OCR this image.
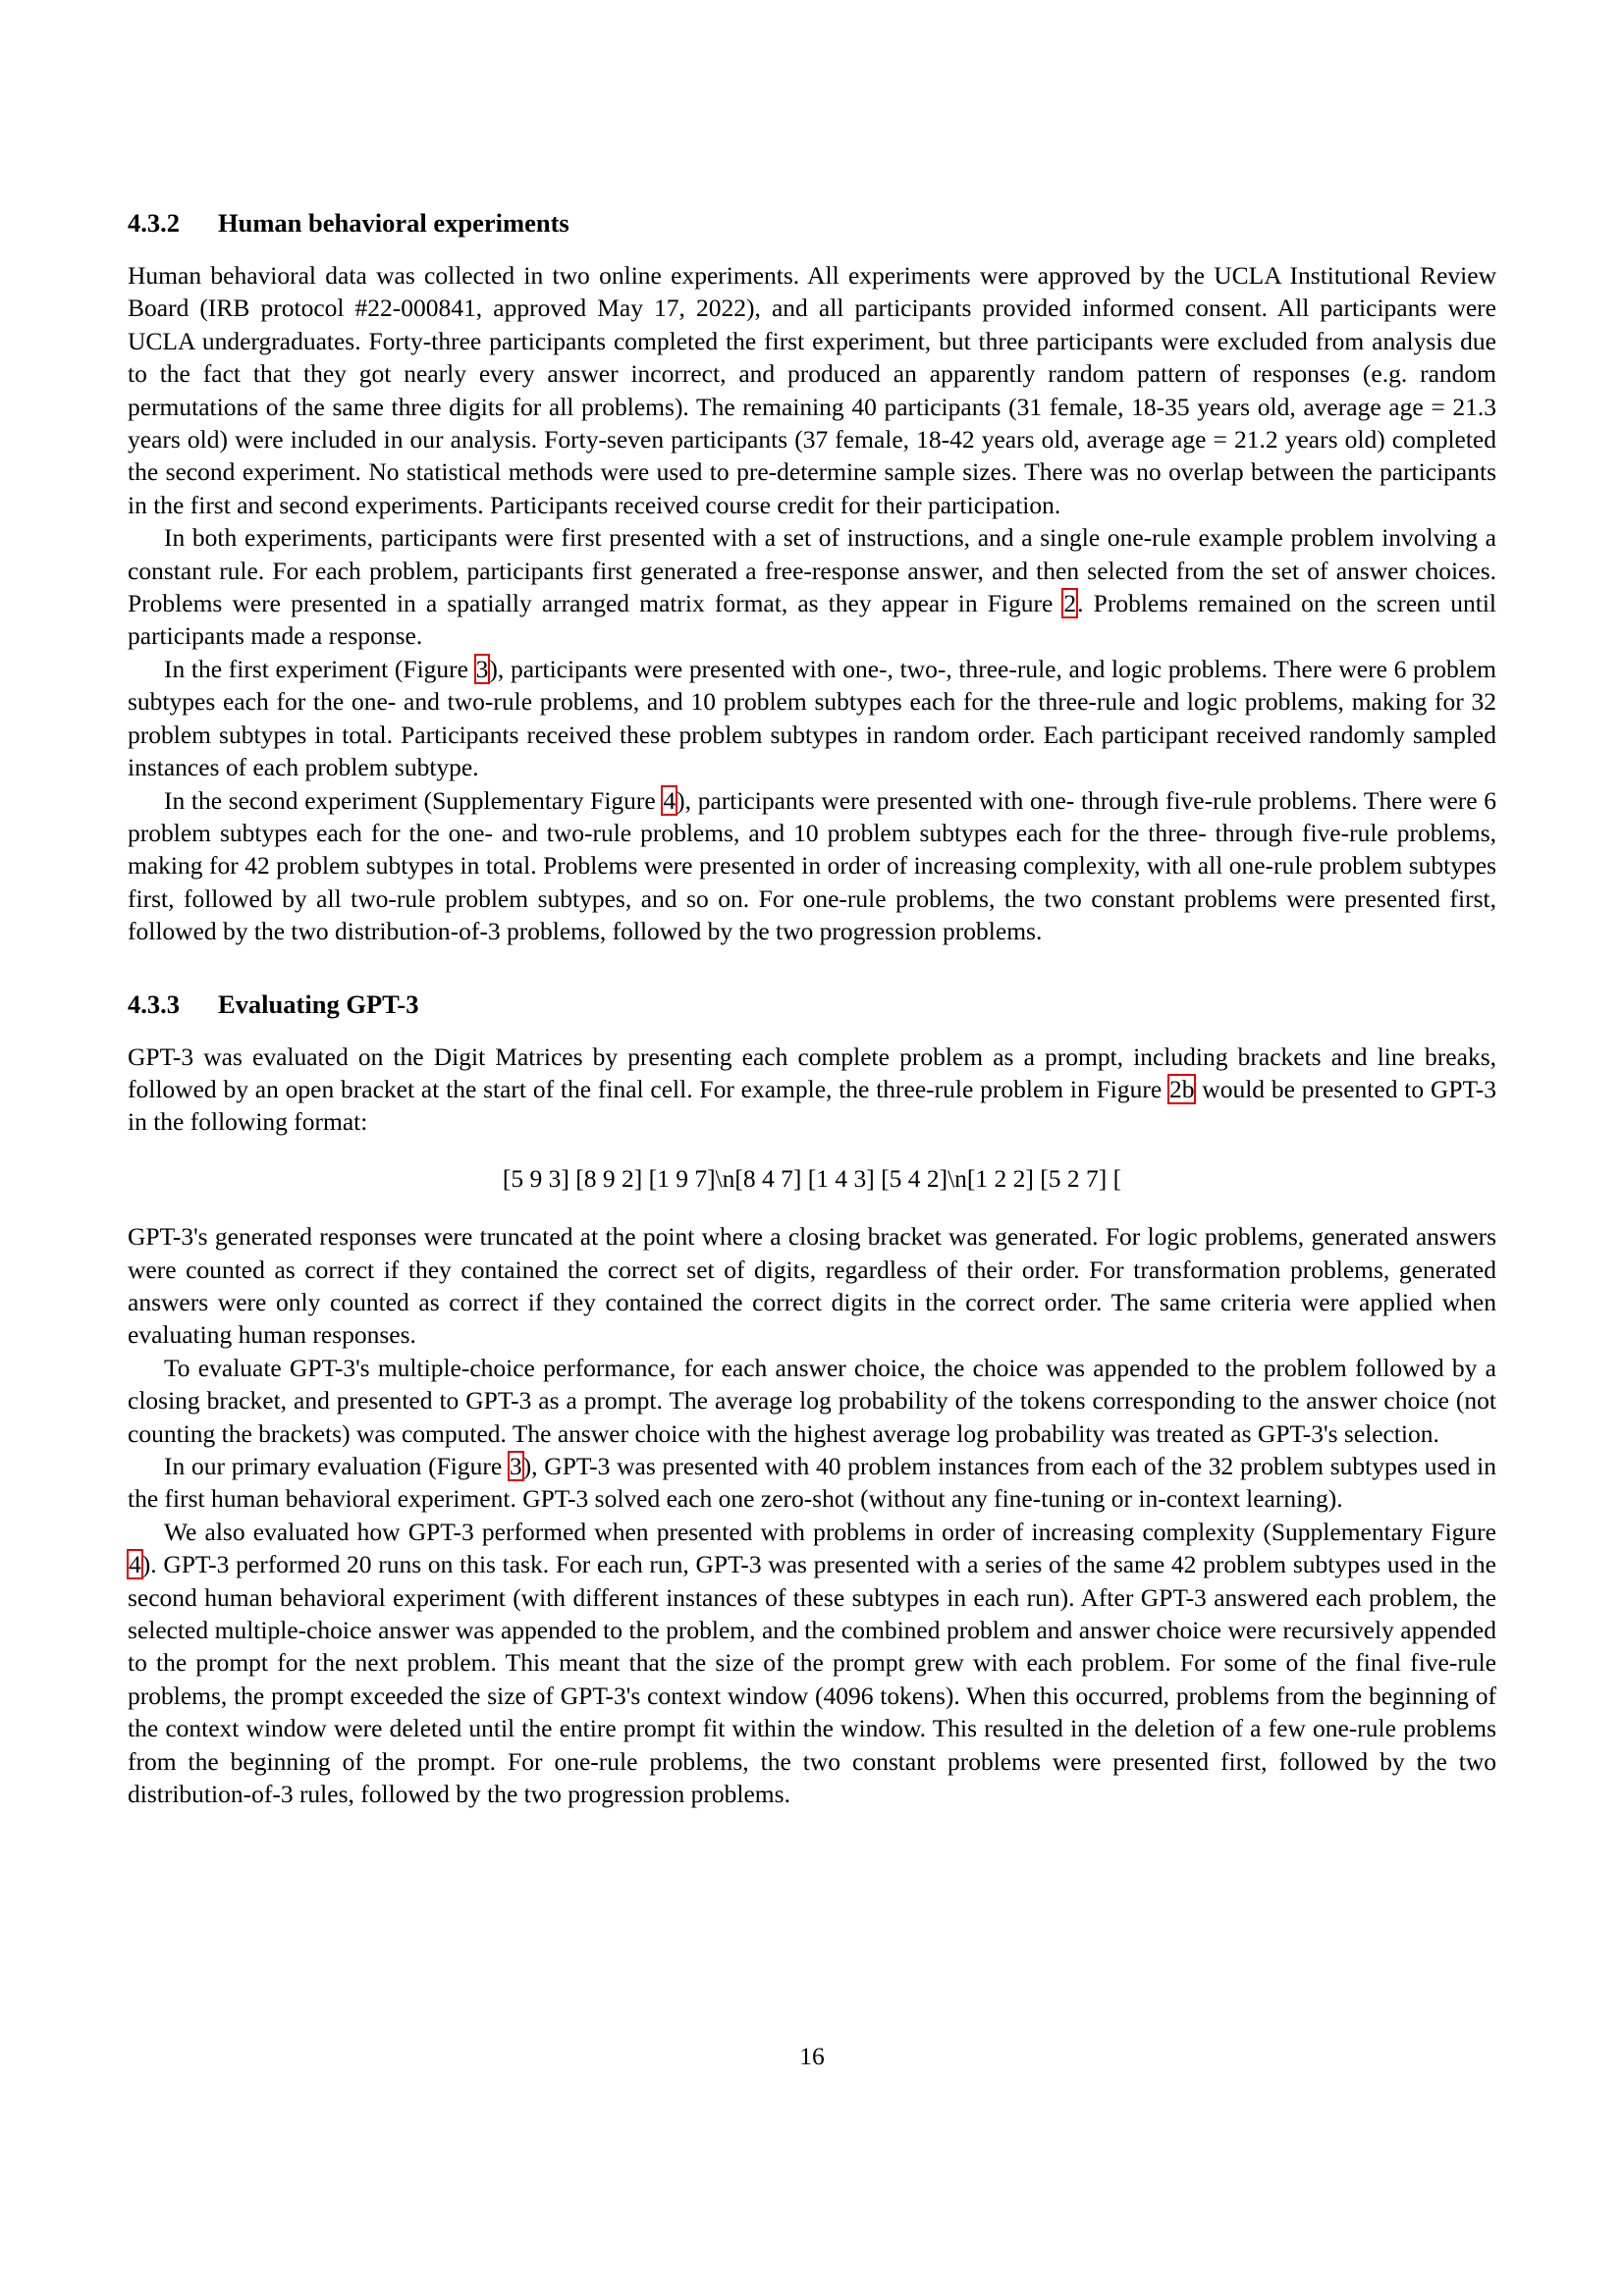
4.3.2 Human behavioral experiments

Human behavioral data was collected in two online experiments. All experiments were approved by the UCLA Institutional Review Board (IRB protocol #22-000841, approved May 17, 2022), and all participants provided informed consent. All participants were UCLA undergraduates. Forty-three participants completed the first experiment, but three participants were excluded from analysis due to the fact that they got nearly every answer incorrect, and produced an apparently random pattern of responses (e.g. random permutations of the same three digits for all problems). The remaining 40 participants (31 female, 18-35 years old, average age = 21.3 years old) were included in our analysis. Forty-seven participants (37 female, 18-42 years old, average age = 21.2 years old) completed the second experiment. No statistical methods were used to pre-determine sample sizes. There was no overlap between the participants in the first and second experiments. Participants received course credit for their participation.

In both experiments, participants were first presented with a set of instructions, and a single one-rule example problem involving a constant rule. For each problem, participants first generated a free-response answer, and then selected from the set of answer choices. Problems were presented in a spatially arranged matrix format, as they appear in Figure 2. Problems remained on the screen until participants made a response.

In the first experiment (Figure 3), participants were presented with one-, two-, three-rule, and logic problems. There were 6 problem subtypes each for the one- and two-rule problems, and 10 problem subtypes each for the three-rule and logic problems, making for 32 problem subtypes in total. Participants received these problem subtypes in random order. Each participant received randomly sampled instances of each problem subtype.

In the second experiment (Supplementary Figure 4), participants were presented with one- through five-rule problems. There were 6 problem subtypes each for the one- and two-rule problems, and 10 problem subtypes each for the three- through five-rule problems, making for 42 problem subtypes in total. Problems were presented in order of increasing complexity, with all one-rule problem subtypes first, followed by all two-rule problem subtypes, and so on. For one-rule problems, the two constant problems were presented first, followed by the two distribution-of-3 problems, followed by the two progression problems.

4.3.3 Evaluating GPT-3

GPT-3 was evaluated on the Digit Matrices by presenting each complete problem as a prompt, including brackets and line breaks, followed by an open bracket at the start of the final cell. For example, the three-rule problem in Figure 2b would be presented to GPT-3 in the following format:

[5 9 3] [8 9 2] [1 9 7]\n[8 4 7] [1 4 3] [5 4 2]\n[1 2 2] [5 2 7] [

GPT-3's generated responses were truncated at the point where a closing bracket was generated. For logic problems, generated answers were counted as correct if they contained the correct set of digits, regardless of their order. For transformation problems, generated answers were only counted as correct if they contained the correct digits in the correct order. The same criteria were applied when evaluating human responses.

To evaluate GPT-3's multiple-choice performance, for each answer choice, the choice was appended to the problem followed by a closing bracket, and presented to GPT-3 as a prompt. The average log probability of the tokens corresponding to the answer choice (not counting the brackets) was computed. The answer choice with the highest average log probability was treated as GPT-3's selection.

In our primary evaluation (Figure 3), GPT-3 was presented with 40 problem instances from each of the 32 problem subtypes used in the first human behavioral experiment. GPT-3 solved each one zero-shot (without any fine-tuning or in-context learning).

We also evaluated how GPT-3 performed when presented with problems in order of increasing complexity (Supplementary Figure 4). GPT-3 performed 20 runs on this task. For each run, GPT-3 was presented with a series of the same 42 problem subtypes used in the second human behavioral experiment (with different instances of these subtypes in each run). After GPT-3 answered each problem, the selected multiple-choice answer was appended to the problem, and the combined problem and answer choice were recursively appended to the prompt for the next problem. This meant that the size of the prompt grew with each problem. For some of the final five-rule problems, the prompt exceeded the size of GPT-3's context window (4096 tokens). When this occurred, problems from the beginning of the context window were deleted until the entire prompt fit within the window. This resulted in the deletion of a few one-rule problems from the beginning of the prompt. For one-rule problems, the two constant problems were presented first, followed by the two distribution-of-3 rules, followed by the two progression problems.

16
